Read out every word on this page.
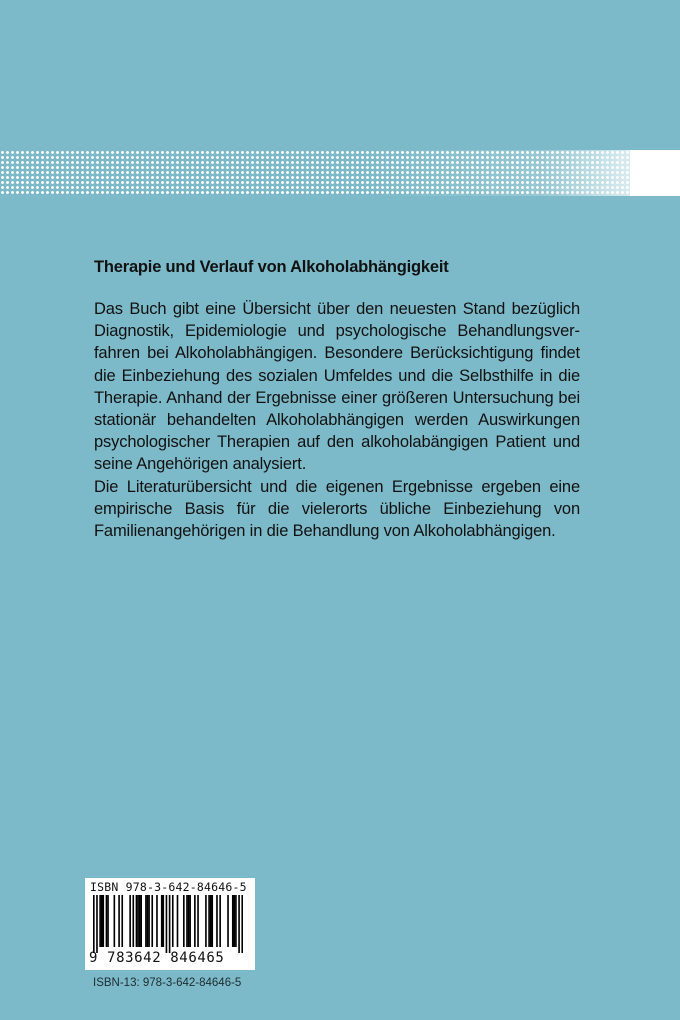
Therapie und Verlauf von Alkoholabhängigkeit

Das Buch gibt eine Übersicht über den neuesten Stand bezüglich Diagnostik, Epidemiologie und psychologische Behandlungsverfahren bei Alkoholabhängigen. Besondere Berücksichtigung findet die Einbeziehung des sozialen Umfeldes und die Selbsthilfe in die Therapie. Anhand der Ergebnisse einer größeren Untersuchung bei stationär behandelten Alkoholabhängigen werden Auswirkungen psychologischer Therapien auf den alkoholabängigen Patient und seine Angehörigen analysiert.

Die Literaturübersicht und die eigenen Ergebnisse ergeben eine empirische Basis für die vielerorts übliche Einbeziehung von Familienangehörigen in die Behandlung von Alkoholabhängigen.

ISBN 978-3-642-84646-5
9 783642 846465
ISBN-13: 978-3-642-84646-5
